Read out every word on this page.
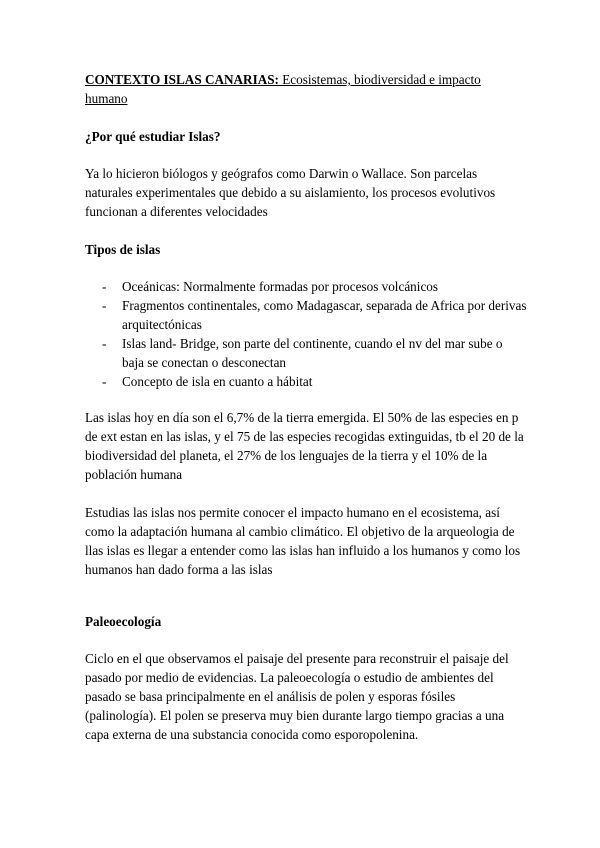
CONTEXTO ISLAS CANARIAS: Ecosistemas, biodiversidad e impacto humano

¿Por qué estudiar Islas?

Ya lo hicieron biólogos y geógrafos como Darwin o Wallace. Son parcelas naturales experimentales que debido a su aislamiento, los procesos evolutivos funcionan a diferentes velocidades

Tipos de islas
- Oceánicas: Normalmente formadas por procesos volcánicos
- Fragmentos continentales, como Madagascar, separada de Africa por derivas arquitectónicas
- Islas land- Bridge, son parte del continente, cuando el nv del mar sube o baja se conectan o desconectan
- Concepto de isla en cuanto a hábitat

Las islas hoy en día son el 6,7% de la tierra emergida. El 50% de las especies en p de ext estan en las islas, y el 75 de las especies recogidas extinguidas, tb el 20 de la biodiversidad del planeta, el 27% de los lenguajes de la tierra y el 10% de la población humana

Estudias las islas nos permite conocer el impacto humano en el ecosistema, así como la adaptación humana al cambio climático. El objetivo de la arqueologia de llas islas es llegar a entender como las islas han influido a los humanos y como los humanos han dado forma a las islas

Paleoecología

Ciclo en el que observamos el paisaje del presente para reconstruir el paisaje del pasado por medio de evidencias. La paleoecología o estudio de ambientes del pasado se basa principalmente en el análisis de polen y esporas fósiles (palinología). El polen se preserva muy bien durante largo tiempo gracias a una capa externa de una substancia conocida como esporopolenina.
